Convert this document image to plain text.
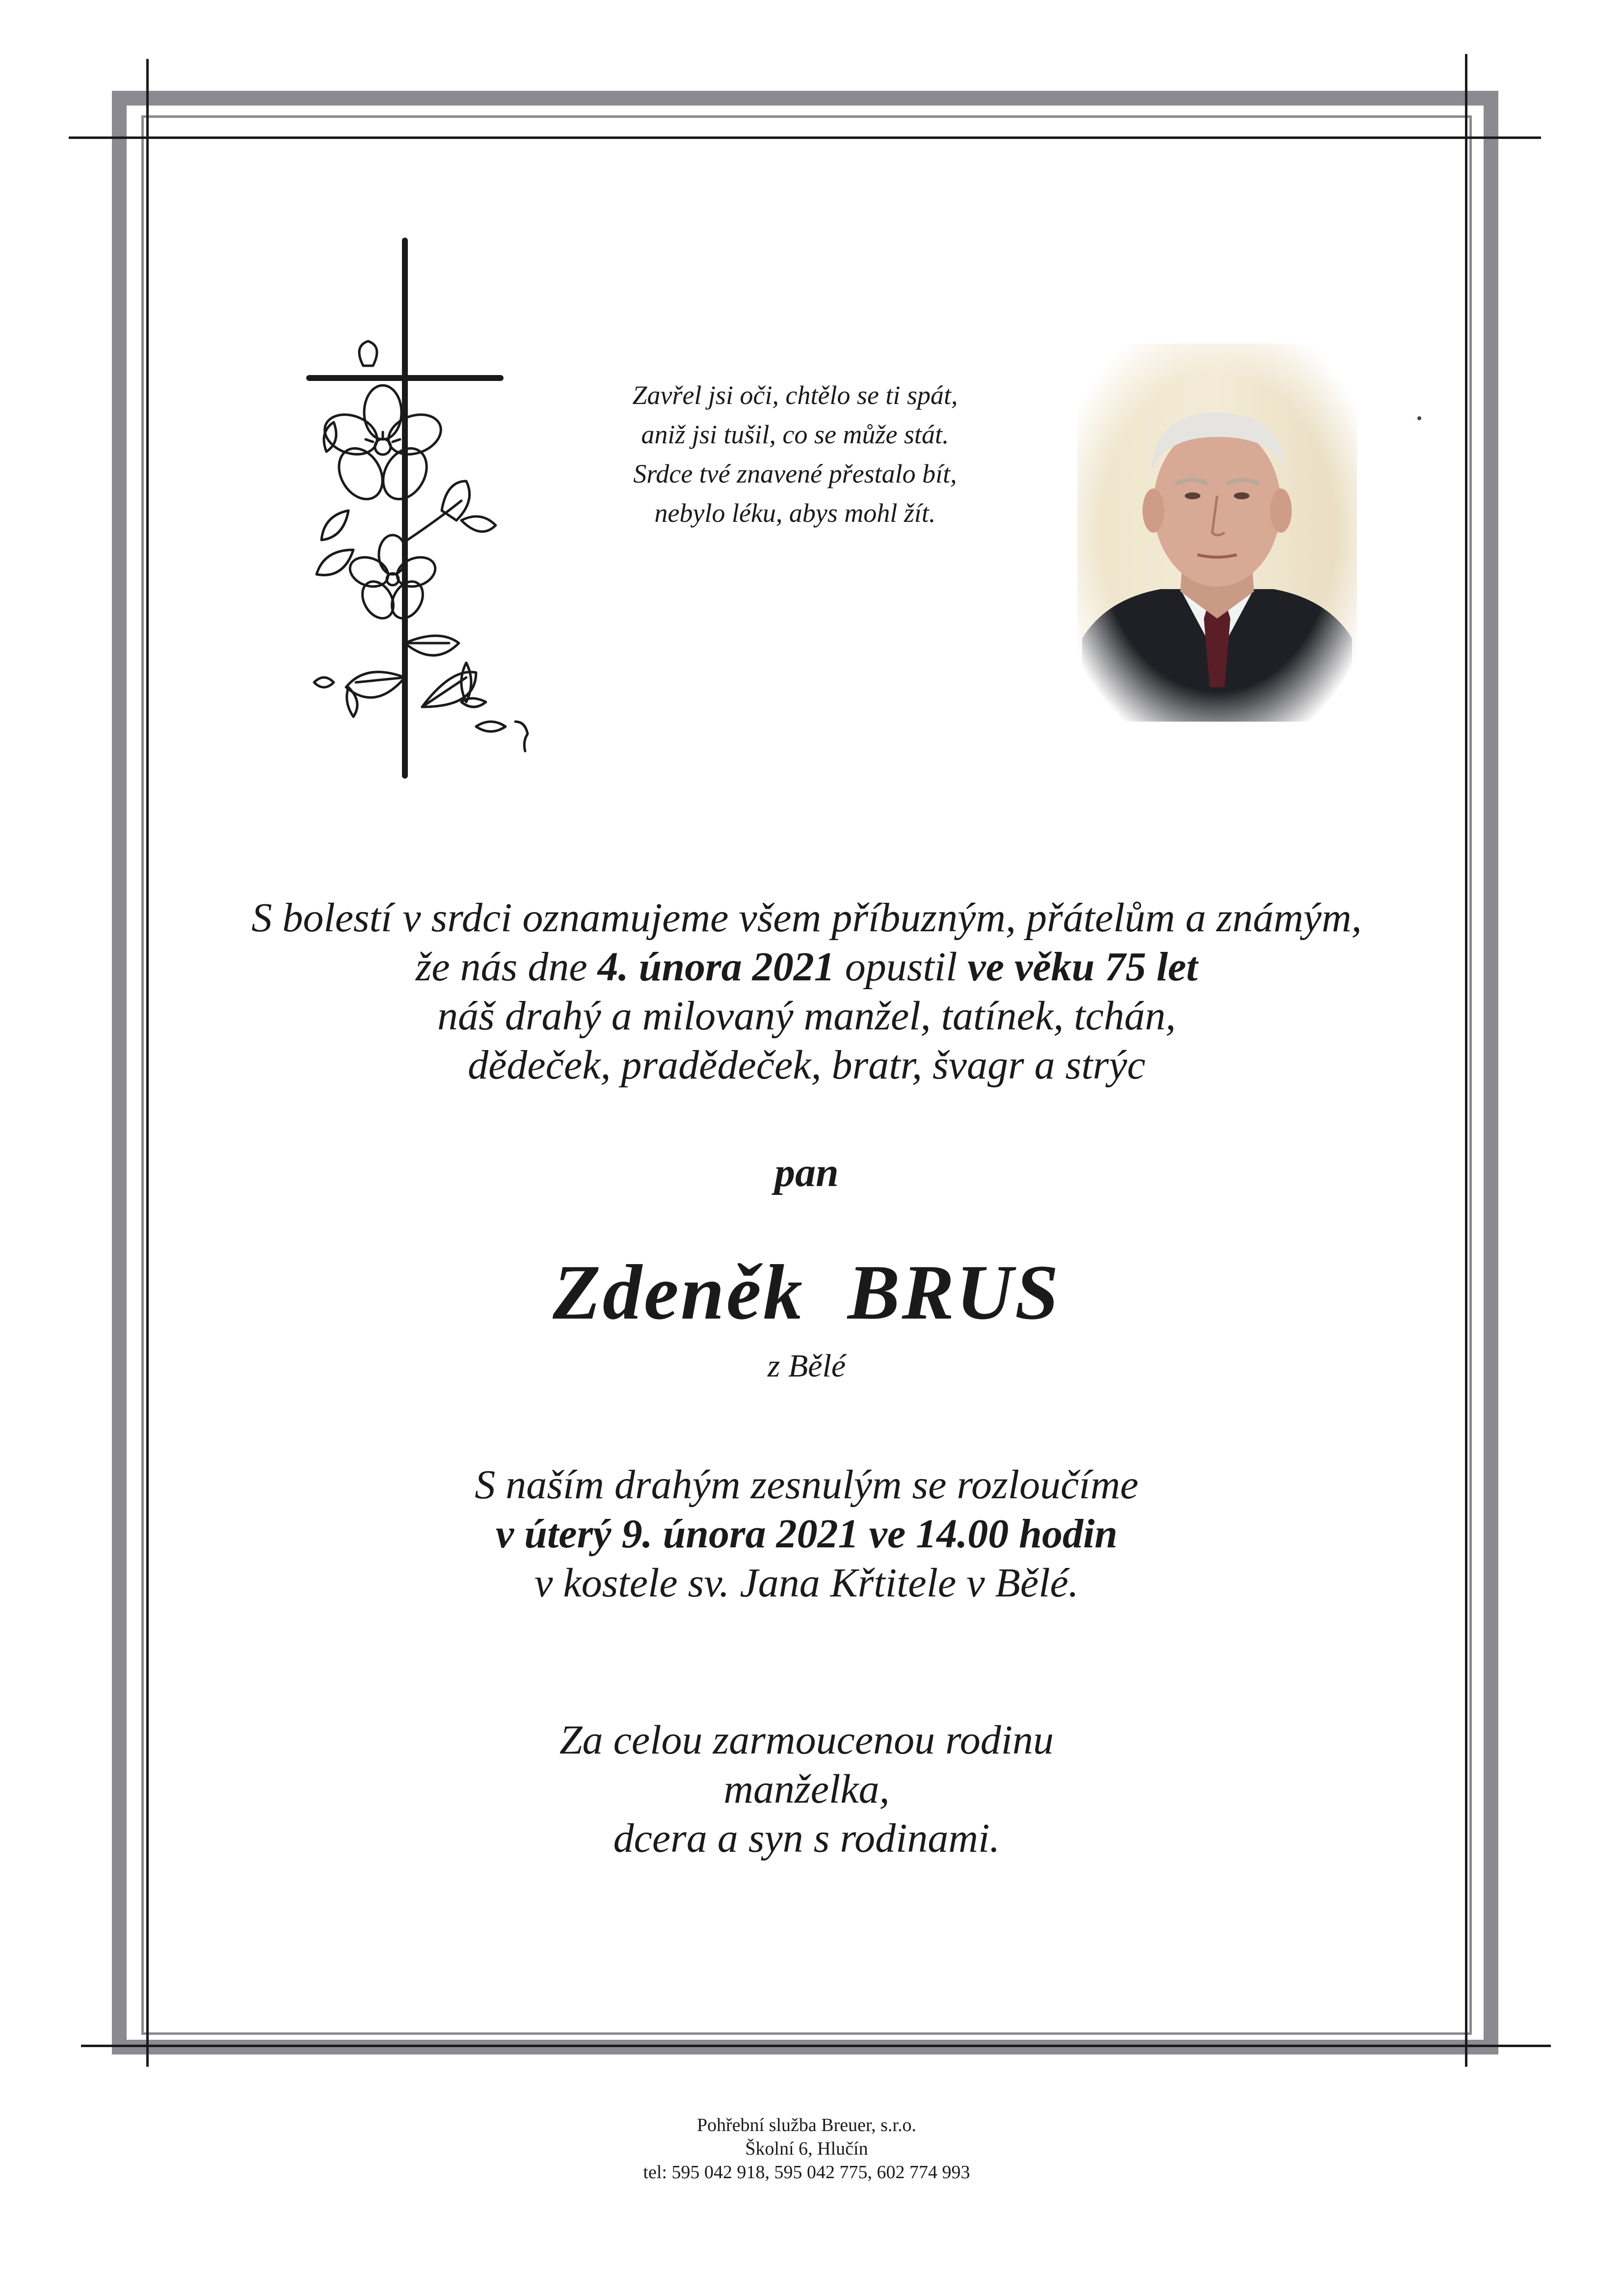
Zavřel jsi oči, chtělo se ti spát,
aniž jsi tušil, co se může stát.
Srdce tvé znavené přestalo bít,
nebylo léku, abys mohl žít.
S bolestí v srdci oznamujeme všem příbuzným, přátelům a známým,
že nás dne 4. února 2021 opustil ve věku 75 let
náš drahý a milovaný manžel, tatínek, tchán,
dědeček, pradědeček, bratr, švagr a strýc
pan
Zdeněk  BRUS
z Bělé
S naším drahým zesnulým se rozloučíme
v úterý 9. února 2021 ve 14.00 hodin
v kostele sv. Jana Křtitele v Bělé.
Za celou zarmoucenou rodinu
manželka,
dcera a syn s rodinami.
Pohřební služba Breuer, s.r.o.
Školní 6, Hlučín
tel: 595 042 918, 595 042 775, 602 774 993
